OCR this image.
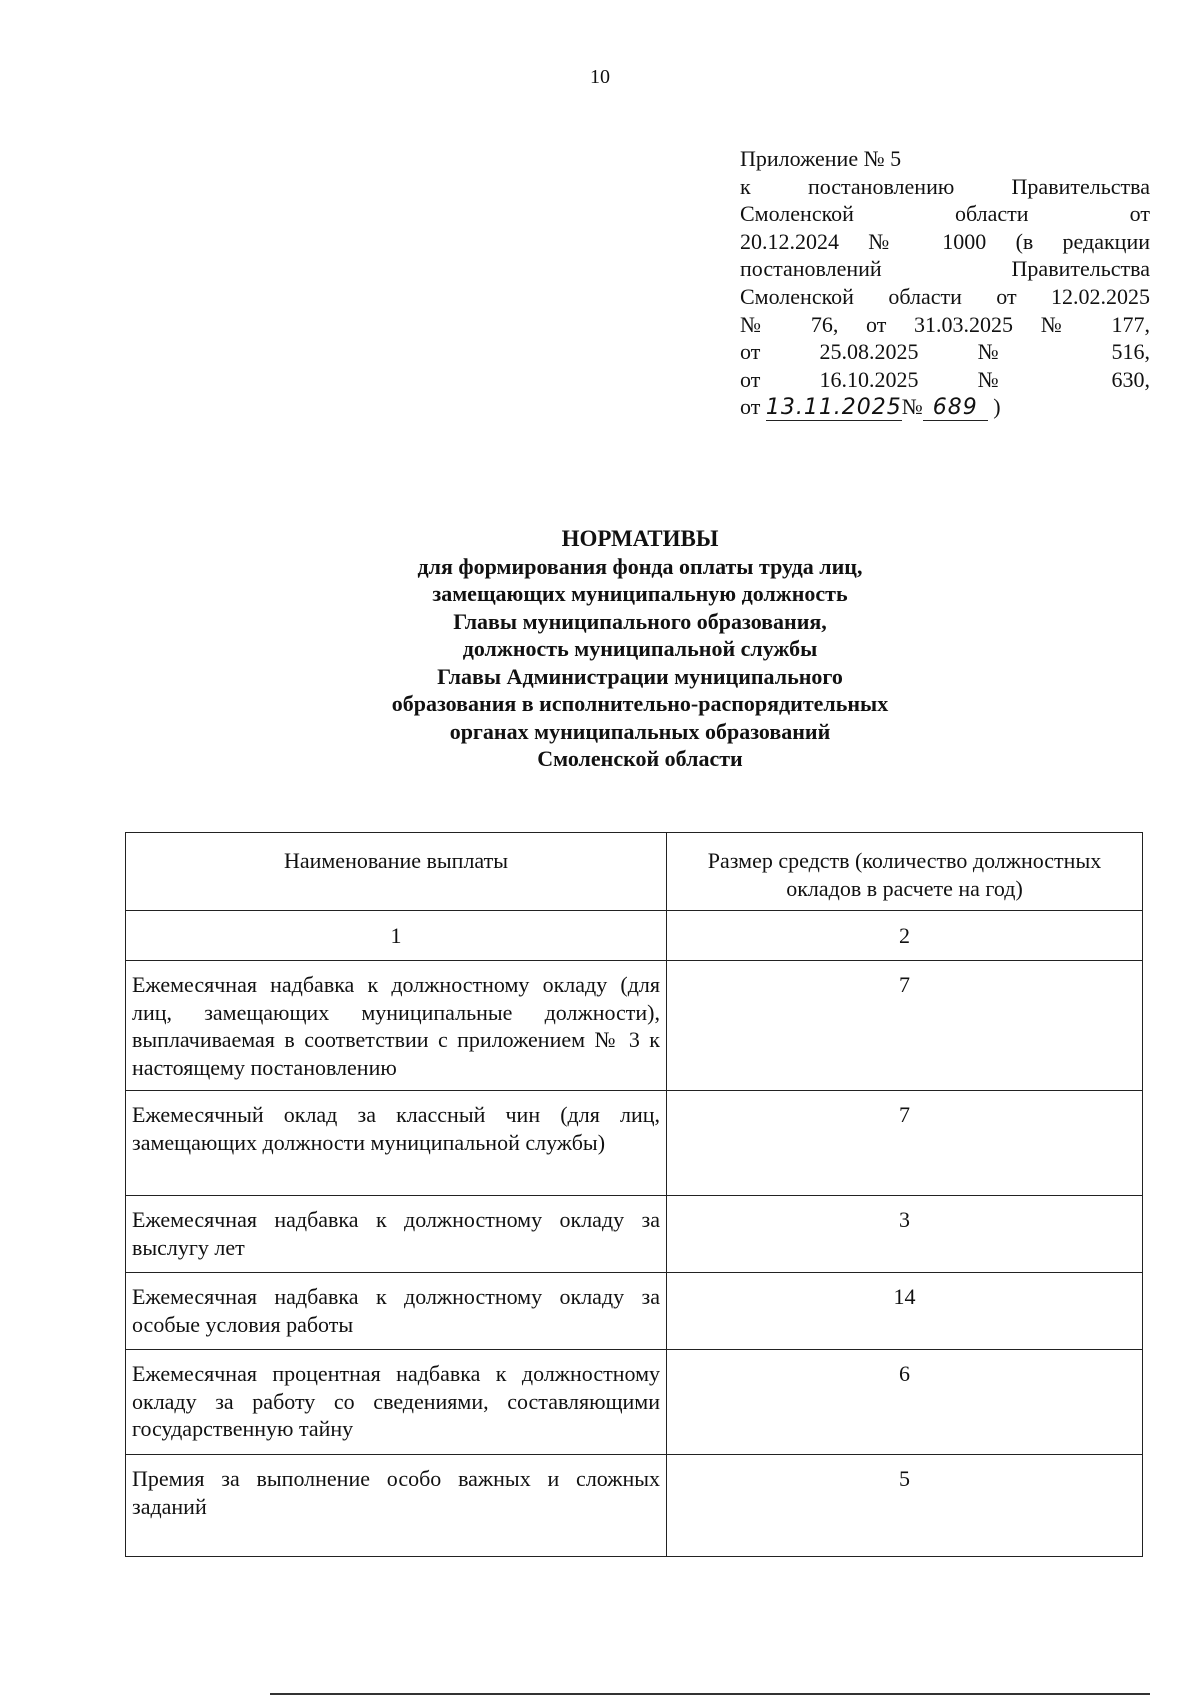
10
Приложение № 5
к	постановлению	Правительства
Смоленской	области	от
20.12.2024 № 1000 (в редакции
постановлений	Правительства
Смоленской области от 12.02.2025
№ 76, от 31.03.2025 № 177,
от	25.08.2025	№	516,
от	16.10.2025	№	630,
от 13.11.2025№ 689 )
НОРМАТИВЫ
для формирования фонда оплаты труда лиц,
замещающих муниципальную должность
Главы муниципального образования,
должность муниципальной службы
Главы Администрации муниципального
образования в исполнительно-распорядительных
органах муниципальных образований
Смоленской области
Наименование выплаты	Размер средств (количество должностных окладов в расчете на год)
1	2
Ежемесячная надбавка к должностному окладу (для лиц, замещающих муниципальные должности), выплачиваемая в соответствии с приложением № 3 к настоящему постановлению	7
Ежемесячный оклад за классный чин (для лиц, замещающих должности муниципальной службы)	7
Ежемесячная надбавка к должностному окладу за выслугу лет	3
Ежемесячная надбавка к должностному окладу за особые условия работы	14
Ежемесячная процентная надбавка к должностному окладу за работу со сведениями, составляющими государственную тайну	6
Премия за выполнение особо важных и сложных заданий	5
